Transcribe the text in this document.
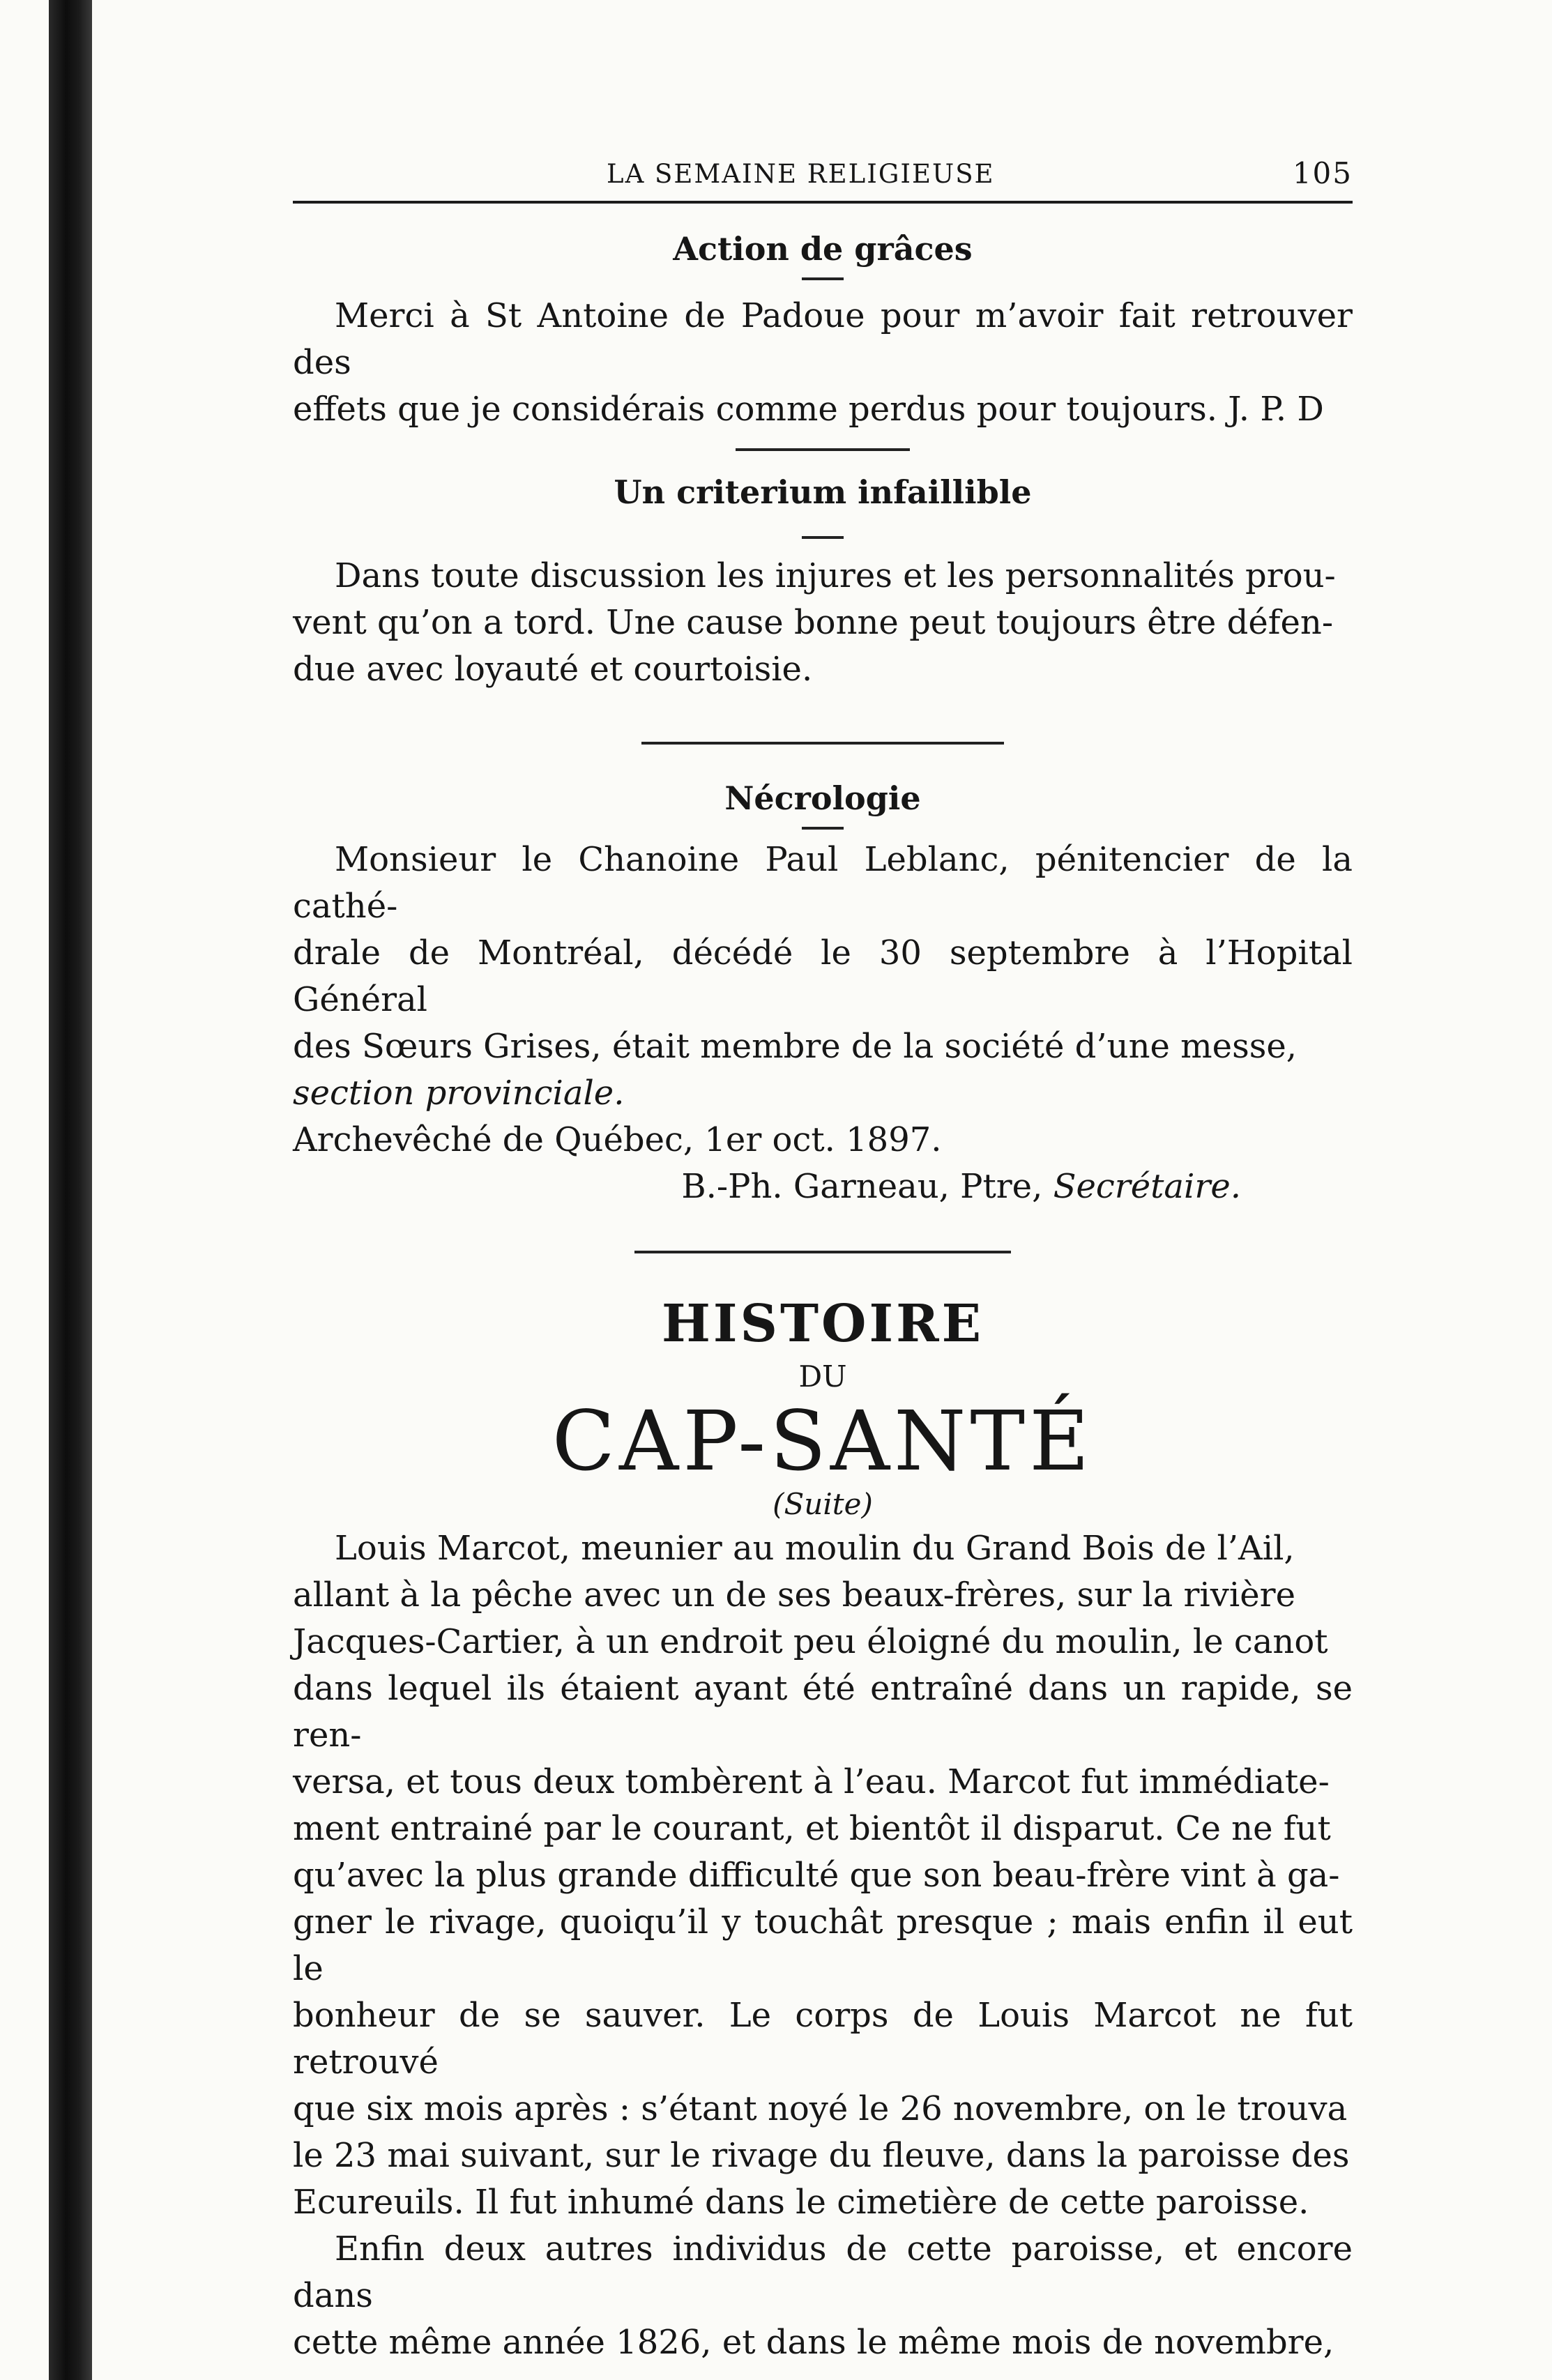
LA SEMAINE RELIGIEUSE	105
Action de grâces

Merci à St Antoine de Padoue pour m’avoir fait retrouver des

effets que je considérais comme perdus pour toujours. J. P. D

Un criterium infaillible

Dans toute discussion les injures et les personnalités prou-

vent qu’on a tord. Une cause bonne peut toujours être défen-

due avec loyauté et courtoisie.

Nécrologie

Monsieur le Chanoine Paul Leblanc, pénitencier de la cathé-

drale de Montréal, décédé le 30 septembre à l’Hopital Général

des Sœurs Grises, était membre de la société d’une messe,

section provinciale.

Archevêché de Québec, 1er oct. 1897.

B.-Ph. Garneau, Ptre, Secrétaire.

HISTOIRE
DU
CAP-SANTÉ
(Suite)

Louis Marcot, meunier au moulin du Grand Bois de l’Ail,

allant à la pêche avec un de ses beaux-frères, sur la rivière

Jacques-Cartier, à un endroit peu éloigné du moulin, le canot

dans lequel ils étaient ayant été entraîné dans un rapide, se ren-

versa, et tous deux tombèrent à l’eau. Marcot fut immédiate-

ment entrainé par le courant, et bientôt il disparut. Ce ne fut

qu’avec la plus grande difficulté que son beau-frère vint à ga-

gner le rivage, quoiqu’il y touchât presque ; mais enfin il eut le

bonheur de se sauver. Le corps de Louis Marcot ne fut retrouvé

que six mois après : s’étant noyé le 26 novembre, on le trouva

le 23 mai suivant, sur le rivage du fleuve, dans la paroisse des

Ecureuils. Il fut inhumé dans le cimetière de cette paroisse.

Enfin deux autres individus de cette paroisse, et encore dans

cette même année 1826, et dans le même mois de novembre,
